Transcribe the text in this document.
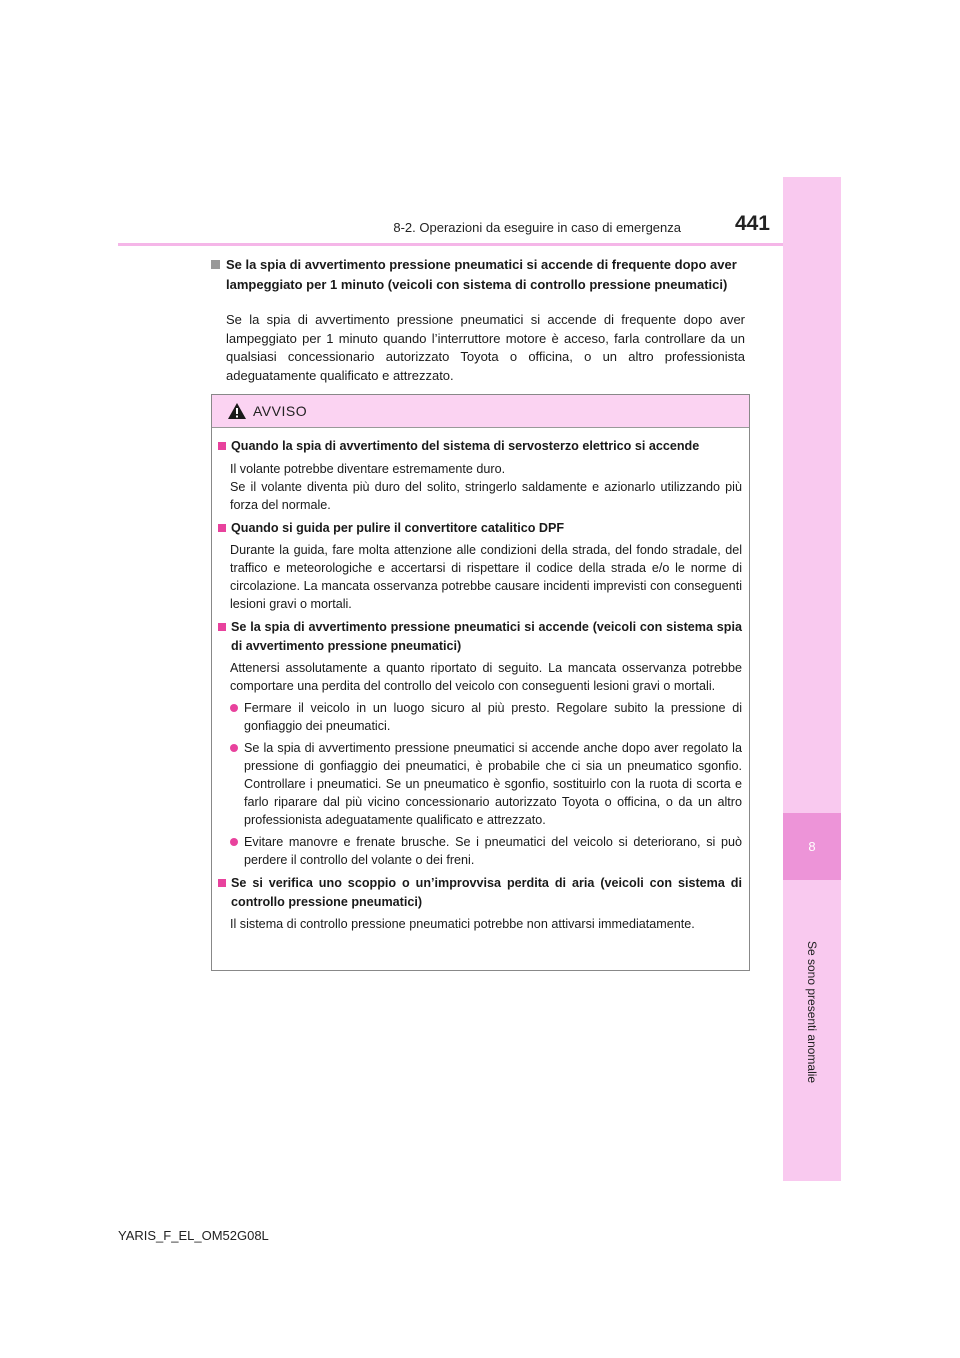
8
Se sono presenti anomalie

8-2. Operazioni da eseguire in caso di emergenza	441

Se la spia di avvertimento pressione pneumatici si accende di frequente dopo aver lampeggiato per 1 minuto (veicoli con sistema di controllo pressione pneumatici)

Se la spia di avvertimento pressione pneumatici si accende di frequente dopo aver lampeggiato per 1 minuto quando l’interruttore motore è acceso, farla controllare da un qualsiasi concessionario autorizzato Toyota o officina, o un altro professionista adeguatamente qualificato e attrezzato.

AVVISO
Quando la spia di avvertimento del sistema di servosterzo elettrico si accende
Il volante potrebbe diventare estremamente duro.
Se il volante diventa più duro del solito, stringerlo saldamente e azionarlo utilizzando più forza del normale.
Quando si guida per pulire il convertitore catalitico DPF

Durante la guida, fare molta attenzione alle condizioni della strada, del fondo stradale, del traffico e meteorologiche e accertarsi di rispettare il codice della strada e/o le norme di circolazione. La mancata osservanza potrebbe causare incidenti imprevisti con conseguenti lesioni gravi o mortali.

Se la spia di avvertimento pressione pneumatici si accende (veicoli con sistema spia di avvertimento pressione pneumatici)

Attenersi assolutamente a quanto riportato di seguito. La mancata osservanza potrebbe comportare una perdita del controllo del veicolo con conseguenti lesioni gravi o mortali.

Fermare il veicolo in un luogo sicuro al più presto. Regolare subito la pressione di gonfiaggio dei pneumatici.
Se la spia di avvertimento pressione pneumatici si accende anche dopo aver regolato la pressione di gonfiaggio dei pneumatici, è probabile che ci sia un pneumatico sgonfio. Controllare i pneumatici. Se un pneumatico è sgonfio, sostituirlo con la ruota di scorta e farlo riparare dal più vicino concessionario autorizzato Toyota o officina, o da un altro professionista adeguatamente qualificato e attrezzato.
Evitare manovre e frenate brusche. Se i pneumatici del veicolo si deteriorano, si può perdere il controllo del volante o dei freni.
Se si verifica uno scoppio o un’improvvisa perdita di aria (veicoli con sistema di controllo pressione pneumatici)

Il sistema di controllo pressione pneumatici potrebbe non attivarsi immediatamente.

YARIS_F_EL_OM52G08L
